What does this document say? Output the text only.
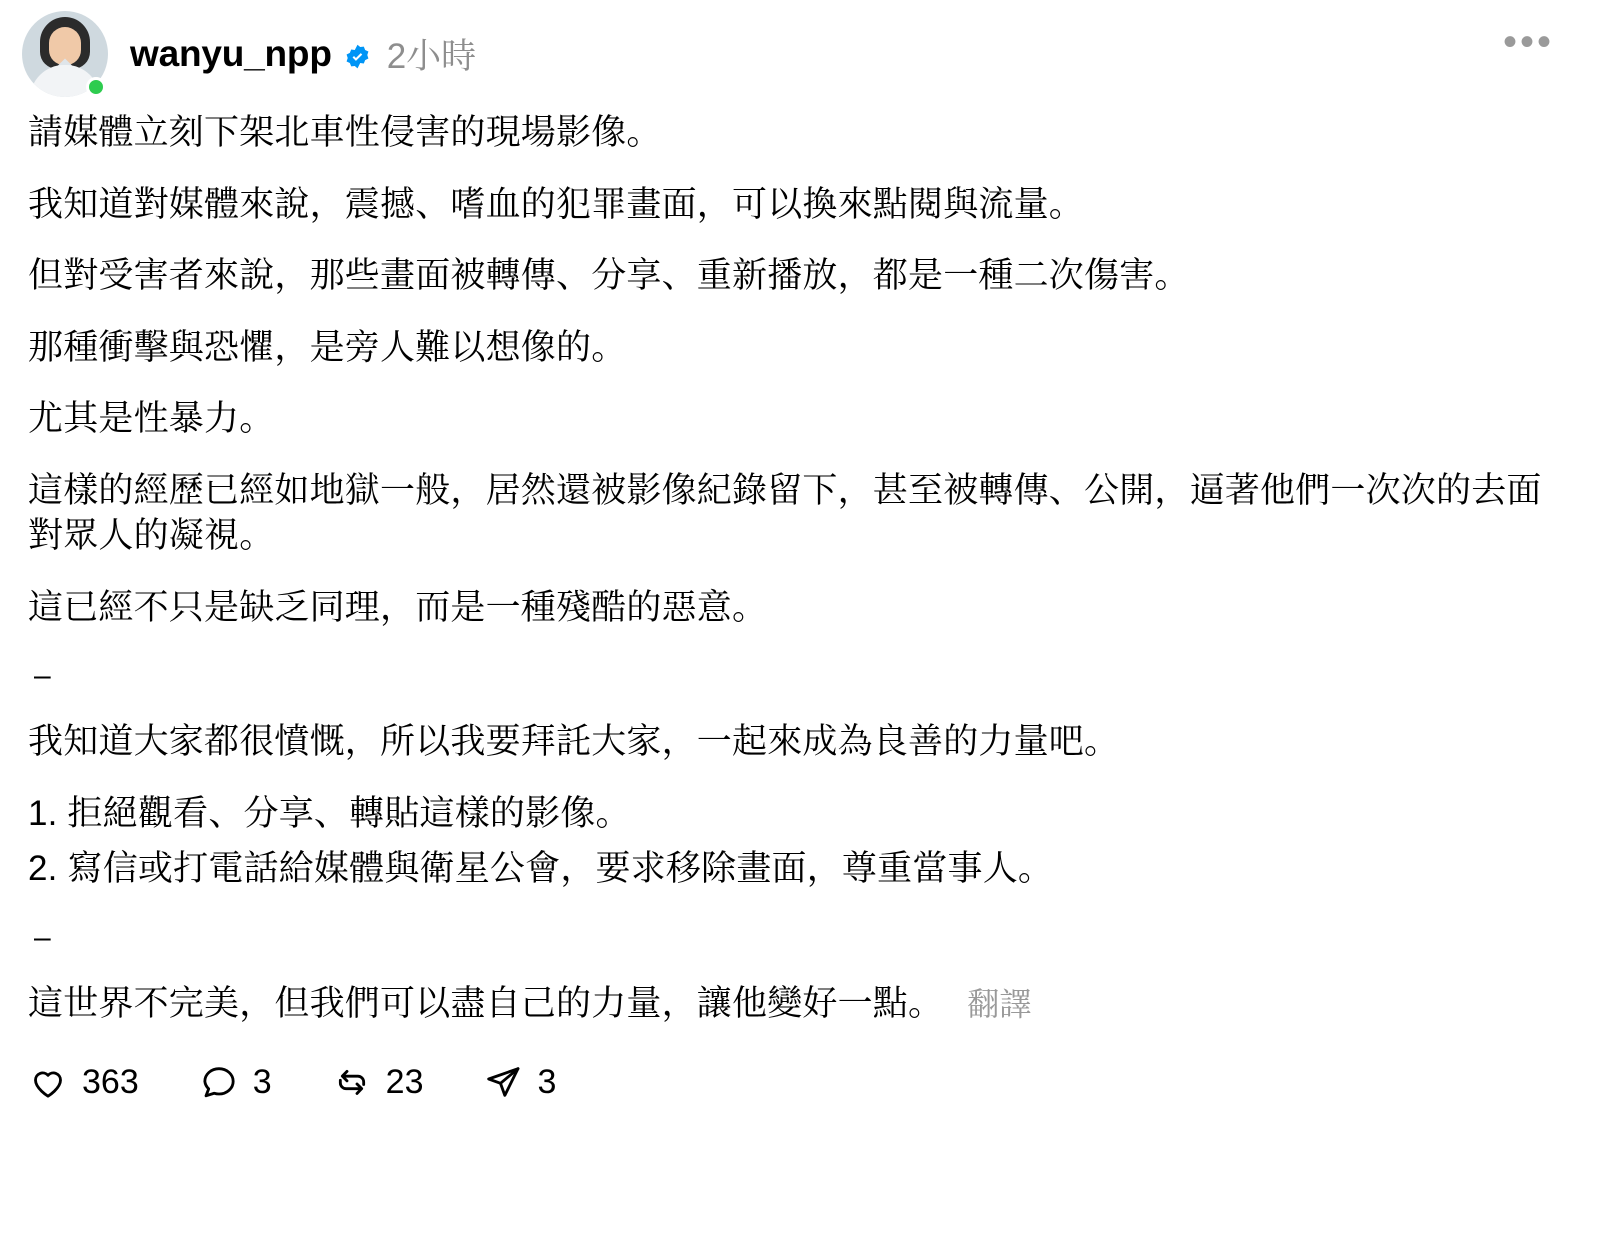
wanyu_npp 2小時	•••

請媒體立刻下架北車性侵害的現場影像。

我知道對媒體來說，震撼、嗜血的犯罪畫面，可以換來點閱與流量。

但對受害者來說，那些畫面被轉傳、分享、重新播放，都是一種二次傷害。

那種衝擊與恐懼，是旁人難以想像的。

尤其是性暴力。

這樣的經歷已經如地獄一般，居然還被影像紀錄留下，甚至被轉傳、公開，逼著他們一次次的去面對眾人的凝視。

這已經不只是缺乏同理，而是一種殘酷的惡意。

–

我知道大家都很憤慨，所以我要拜託大家，一起來成為良善的力量吧。

1. 拒絕觀看、分享、轉貼這樣的影像。

2. 寫信或打電話給媒體與衛星公會，要求移除畫面，尊重當事人。

–

這世界不完美，但我們可以盡自己的力量，讓他變好一點。 翻譯

363	3	23	3
